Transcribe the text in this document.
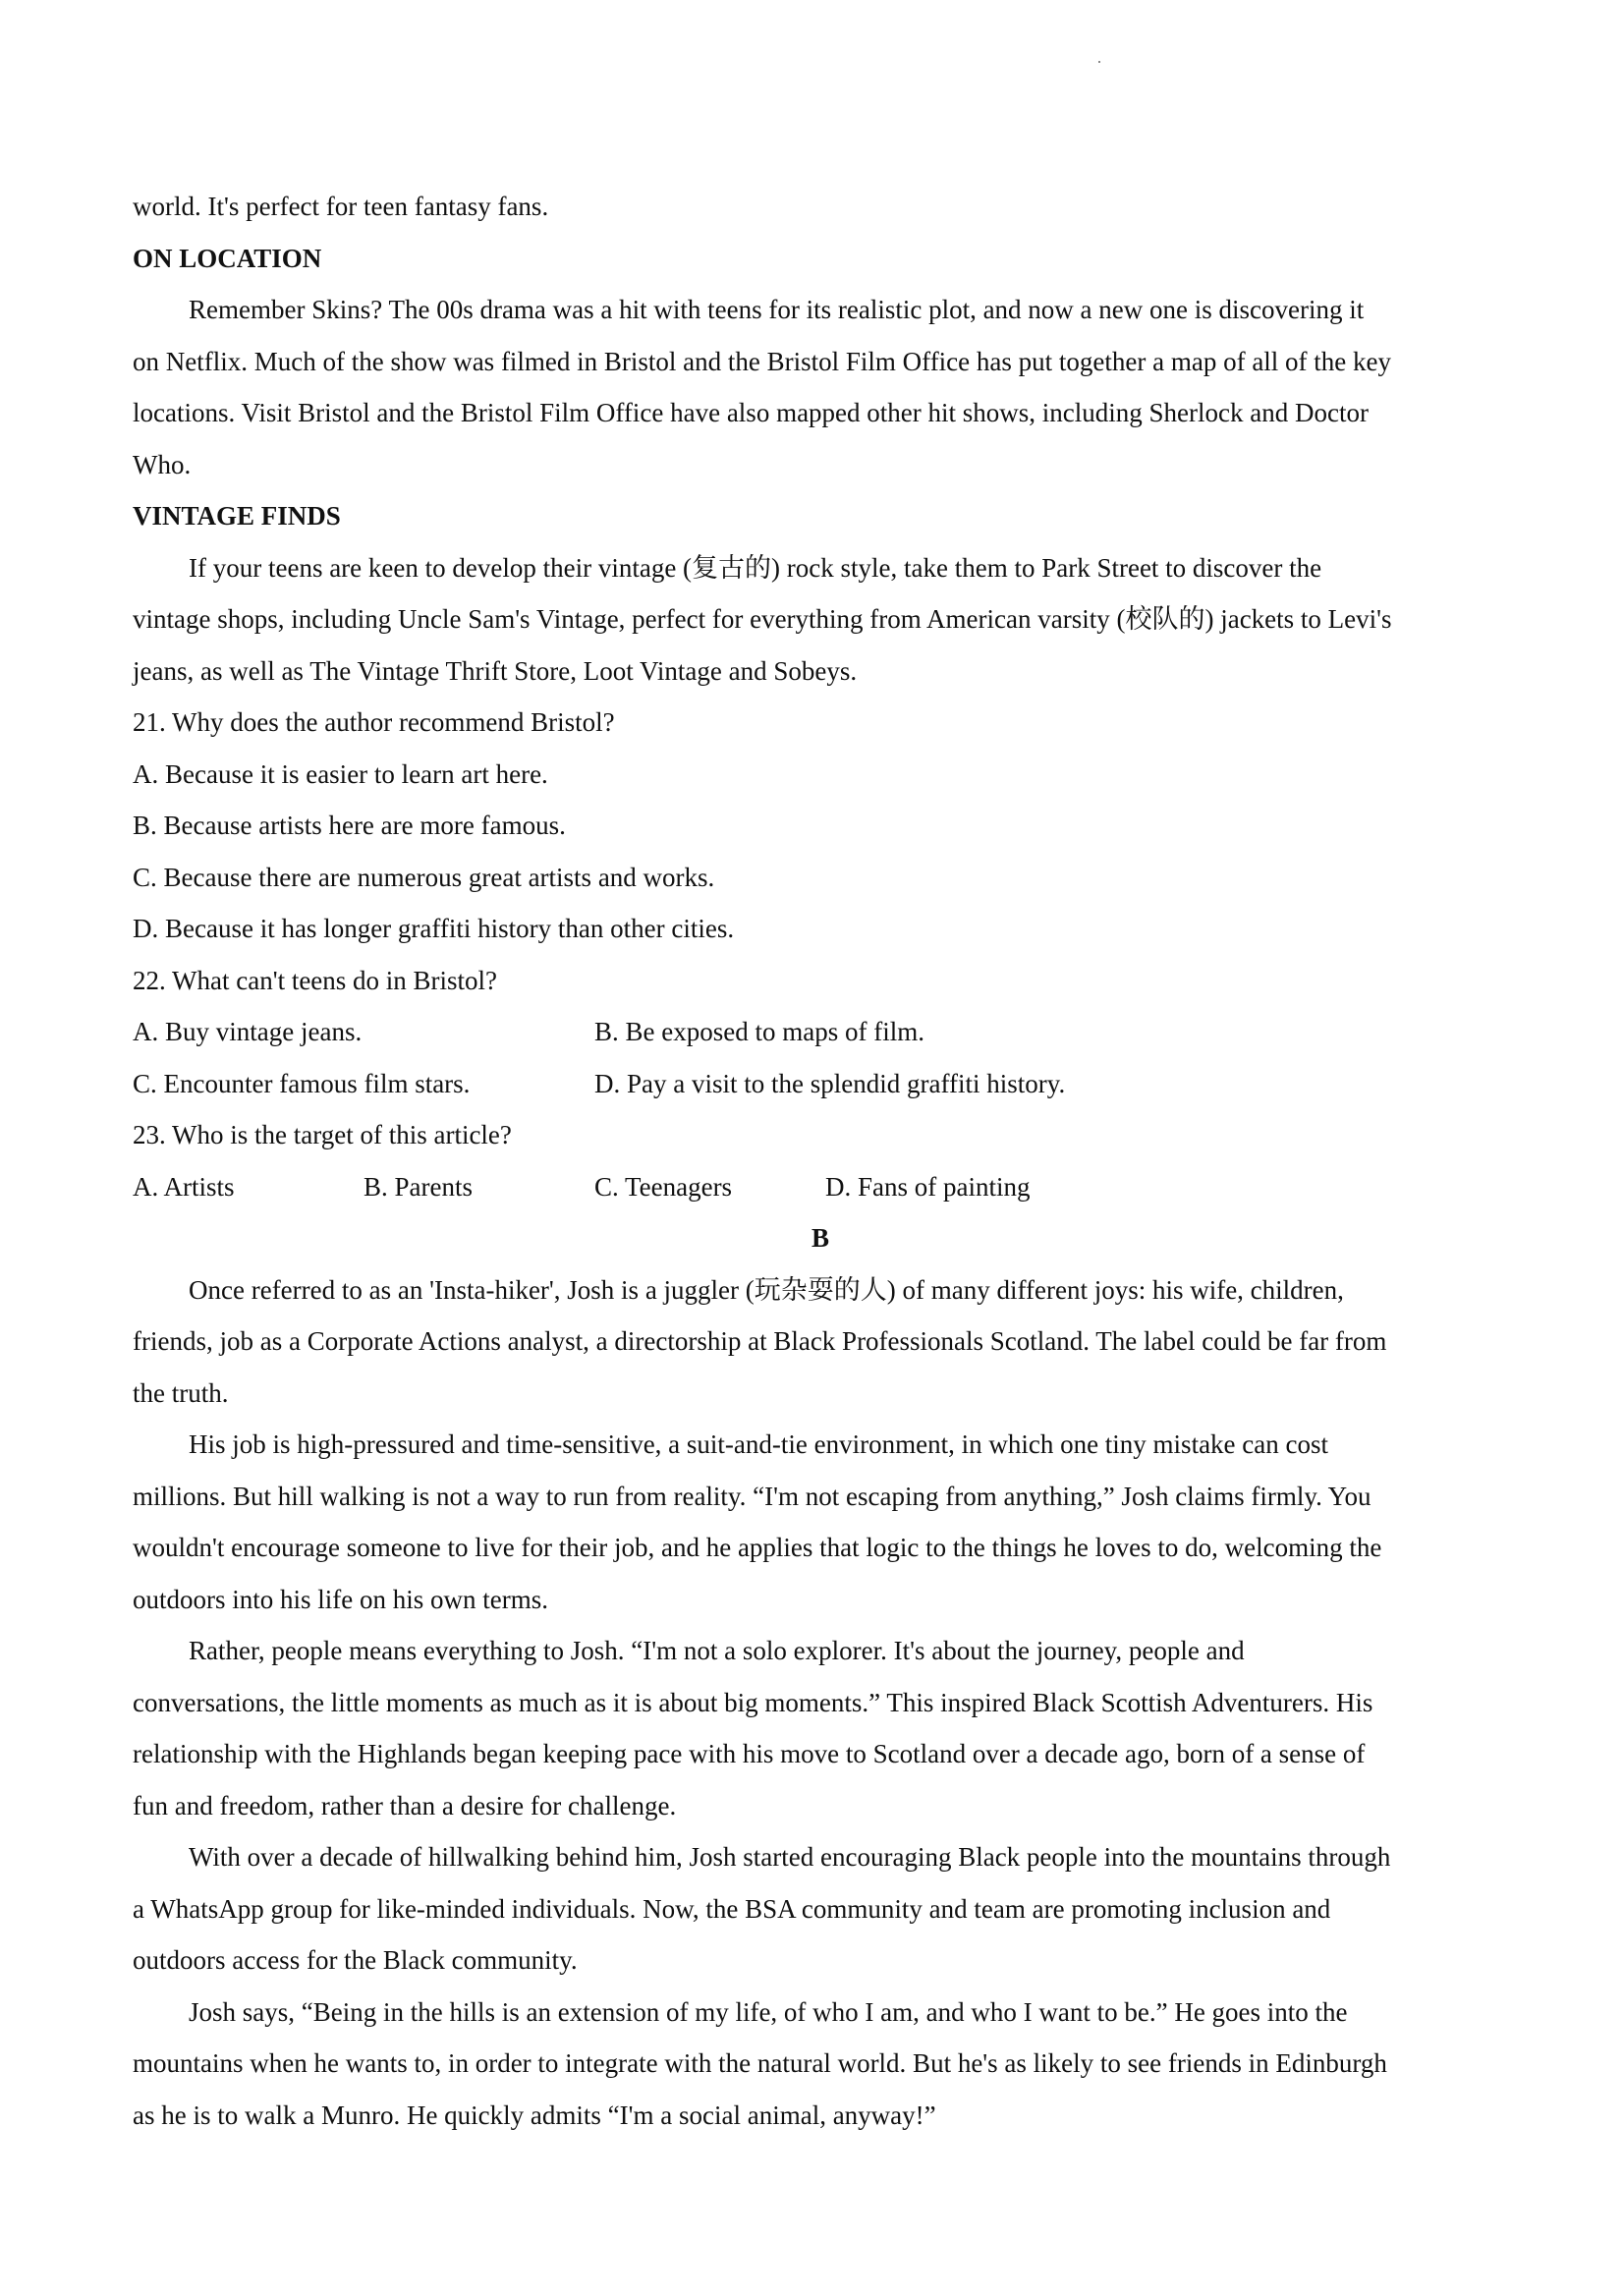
world. It's perfect for teen fantasy fans.
ON LOCATION
Remember Skins? The 00s drama was a hit with teens for its realistic plot, and now a new one is discovering it
on Netflix. Much of the show was filmed in Bristol and the Bristol Film Office has put together a map of all of the key
locations. Visit Bristol and the Bristol Film Office have also mapped other hit shows, including Sherlock and Doctor
Who.
VINTAGE FINDS
If your teens are keen to develop their vintage (复古的) rock style, take them to Park Street to discover the
vintage shops, including Uncle Sam's Vintage, perfect for everything from American varsity (校队的) jackets to Levi's
jeans, as well as The Vintage Thrift Store, Loot Vintage and Sobeys.
21. Why does the author recommend Bristol?
A. Because it is easier to learn art here.
B. Because artists here are more famous.
C. Because there are numerous great artists and works.
D. Because it has longer graffiti history than other cities.
22. What can't teens do in Bristol?
A. Buy vintage jeans.	B. Be exposed to maps of film.
C. Encounter famous film stars.	D. Pay a visit to the splendid graffiti history.
23. Who is the target of this article?
A. Artists	B. Parents	C. Teenagers	D. Fans of painting
B
Once referred to as an 'Insta-hiker', Josh is a juggler (玩杂耍的人) of many different joys: his wife, children,
friends, job as a Corporate Actions analyst, a directorship at Black Professionals Scotland. The label could be far from
the truth.
His job is high-pressured and time-sensitive, a suit-and-tie environment, in which one tiny mistake can cost
millions. But hill walking is not a way to run from reality. “I'm not escaping from anything,” Josh claims firmly. You
wouldn't encourage someone to live for their job, and he applies that logic to the things he loves to do, welcoming the
outdoors into his life on his own terms.
Rather, people means everything to Josh. “I'm not a solo explorer. It's about the journey, people and
conversations, the little moments as much as it is about big moments.” This inspired Black Scottish Adventurers. His
relationship with the Highlands began keeping pace with his move to Scotland over a decade ago, born of a sense of
fun and freedom, rather than a desire for challenge.
With over a decade of hillwalking behind him, Josh started encouraging Black people into the mountains through
a WhatsApp group for like-minded individuals. Now, the BSA community and team are promoting inclusion and
outdoors access for the Black community.
Josh says, “Being in the hills is an extension of my life, of who I am, and who I want to be.” He goes into the
mountains when he wants to, in order to integrate with the natural world. But he's as likely to see friends in Edinburgh
as he is to walk a Munro. He quickly admits “I'm a social animal, anyway!”
